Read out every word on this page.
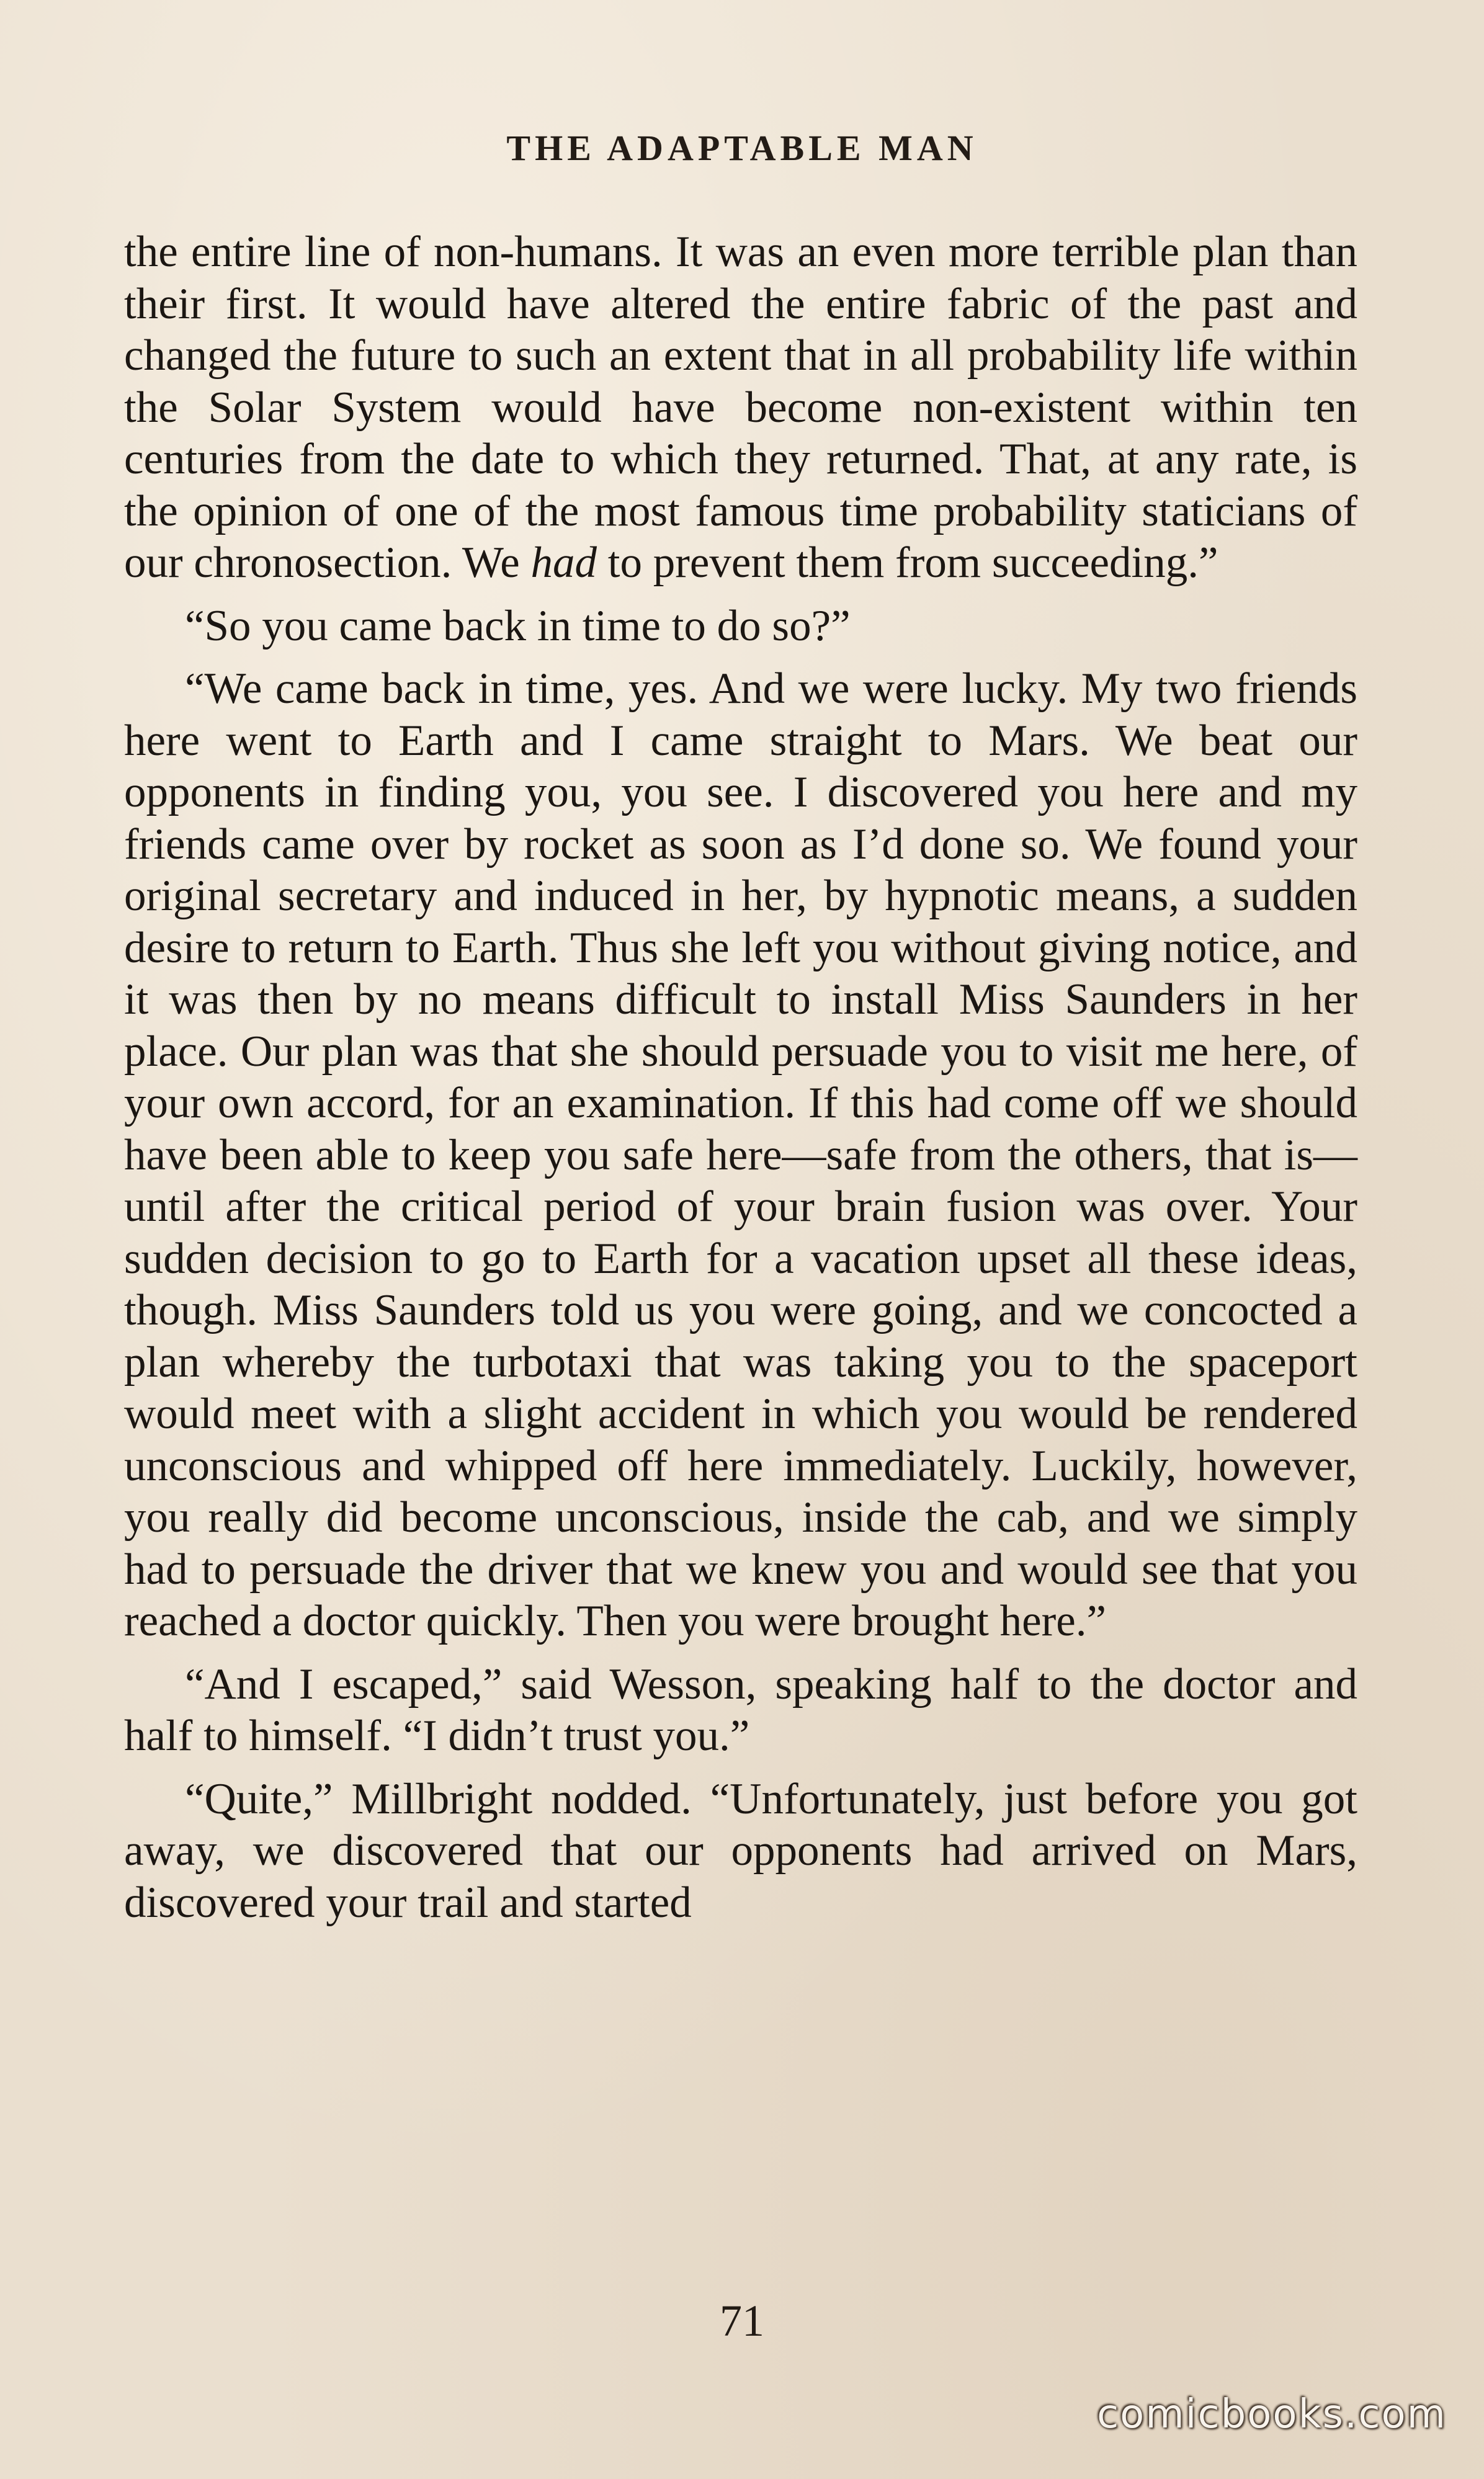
THE ADAPTABLE MAN

the entire line of non-humans. It was an even more terrible plan than their first. It would have altered the entire fabric of the past and changed the future to such an extent that in all probability life within the Solar System would have become non-existent within ten centuries from the date to which they returned. That, at any rate, is the opinion of one of the most famous time probability staticians of our chronosection. We had to prevent them from succeeding.”

“So you came back in time to do so?”

“We came back in time, yes. And we were lucky. My two friends here went to Earth and I came straight to Mars. We beat our opponents in finding you, you see. I discovered you here and my friends came over by rocket as soon as I’d done so. We found your original secretary and induced in her, by hypnotic means, a sudden desire to return to Earth. Thus she left you without giving notice, and it was then by no means difficult to install Miss Saunders in her place. Our plan was that she should persuade you to visit me here, of your own accord, for an examination. If this had come off we should have been able to keep you safe here—safe from the others, that is—until after the critical period of your brain fusion was over. Your sudden decision to go to Earth for a vacation upset all these ideas, though. Miss Saunders told us you were going, and we concocted a plan whereby the turbotaxi that was taking you to the spaceport would meet with a slight accident in which you would be rendered unconscious and whipped off here immediately. Luckily, however, you really did become unconscious, inside the cab, and we simply had to persuade the driver that we knew you and would see that you reached a doctor quickly. Then you were brought here.”

“And I escaped,” said Wesson, speaking half to the doctor and half to himself. “I didn’t trust you.”

“Quite,” Millbright nodded. “Unfortunately, just before you got away, we discovered that our opponents had arrived on Mars, discovered your trail and started

71
comicbooks.com
